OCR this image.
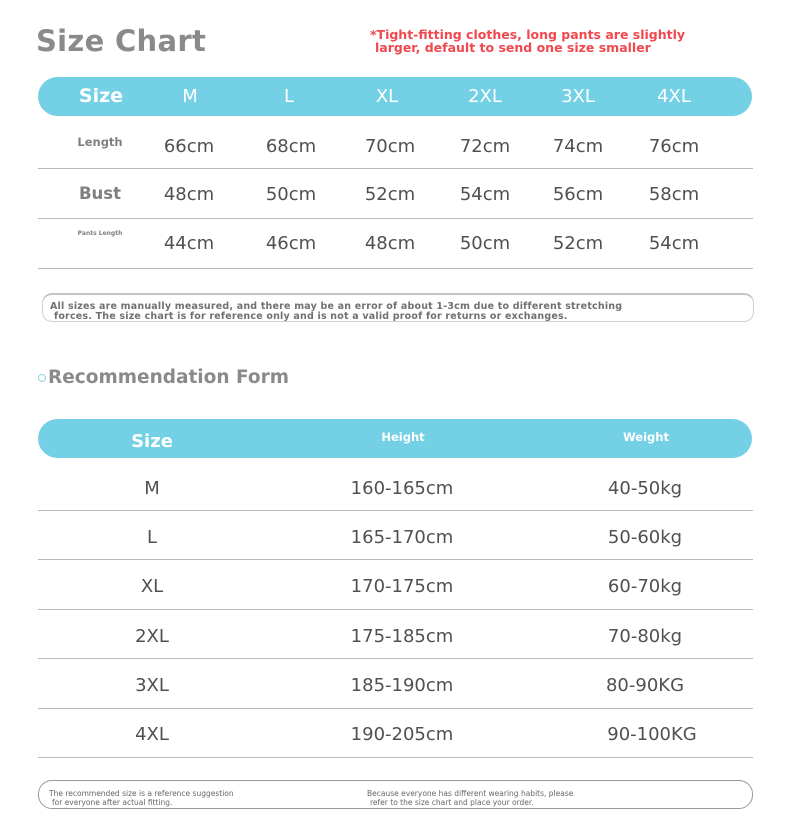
Size Chart	*Tight-fitting clothes, long pants are slightly
larger, default to send one size smaller
Size	M	L	XL	2XL	3XL	4XL
Length 66cm	68cm	70cm 72cm 74cm	76cm
Bust 48cm	50cm	52cm 54cm 56cm	58cm
Pants Length 44cm	46cm	48cm 50cm 52cm	54cm
All sizes are manually measured, and there may be an error of about 1-3cm due to different stretching
forces. The size chart is for reference only and is not a valid proof for returns or exchanges.
Recommendation Form
Size	Height	Weight
M	160-165cm	40-50kg
L	165-170cm	50-60kg
XL	170-175cm	60-70kg
2XL	175-185cm	70-80kg
3XL	185-190cm	80-90KG
4XL	190-205cm	90-100KG
The recommended size is a reference suggestion
for everyone after actual fitting.
Because everyone has different wearing habits, please
refer to the size chart and place your order.
